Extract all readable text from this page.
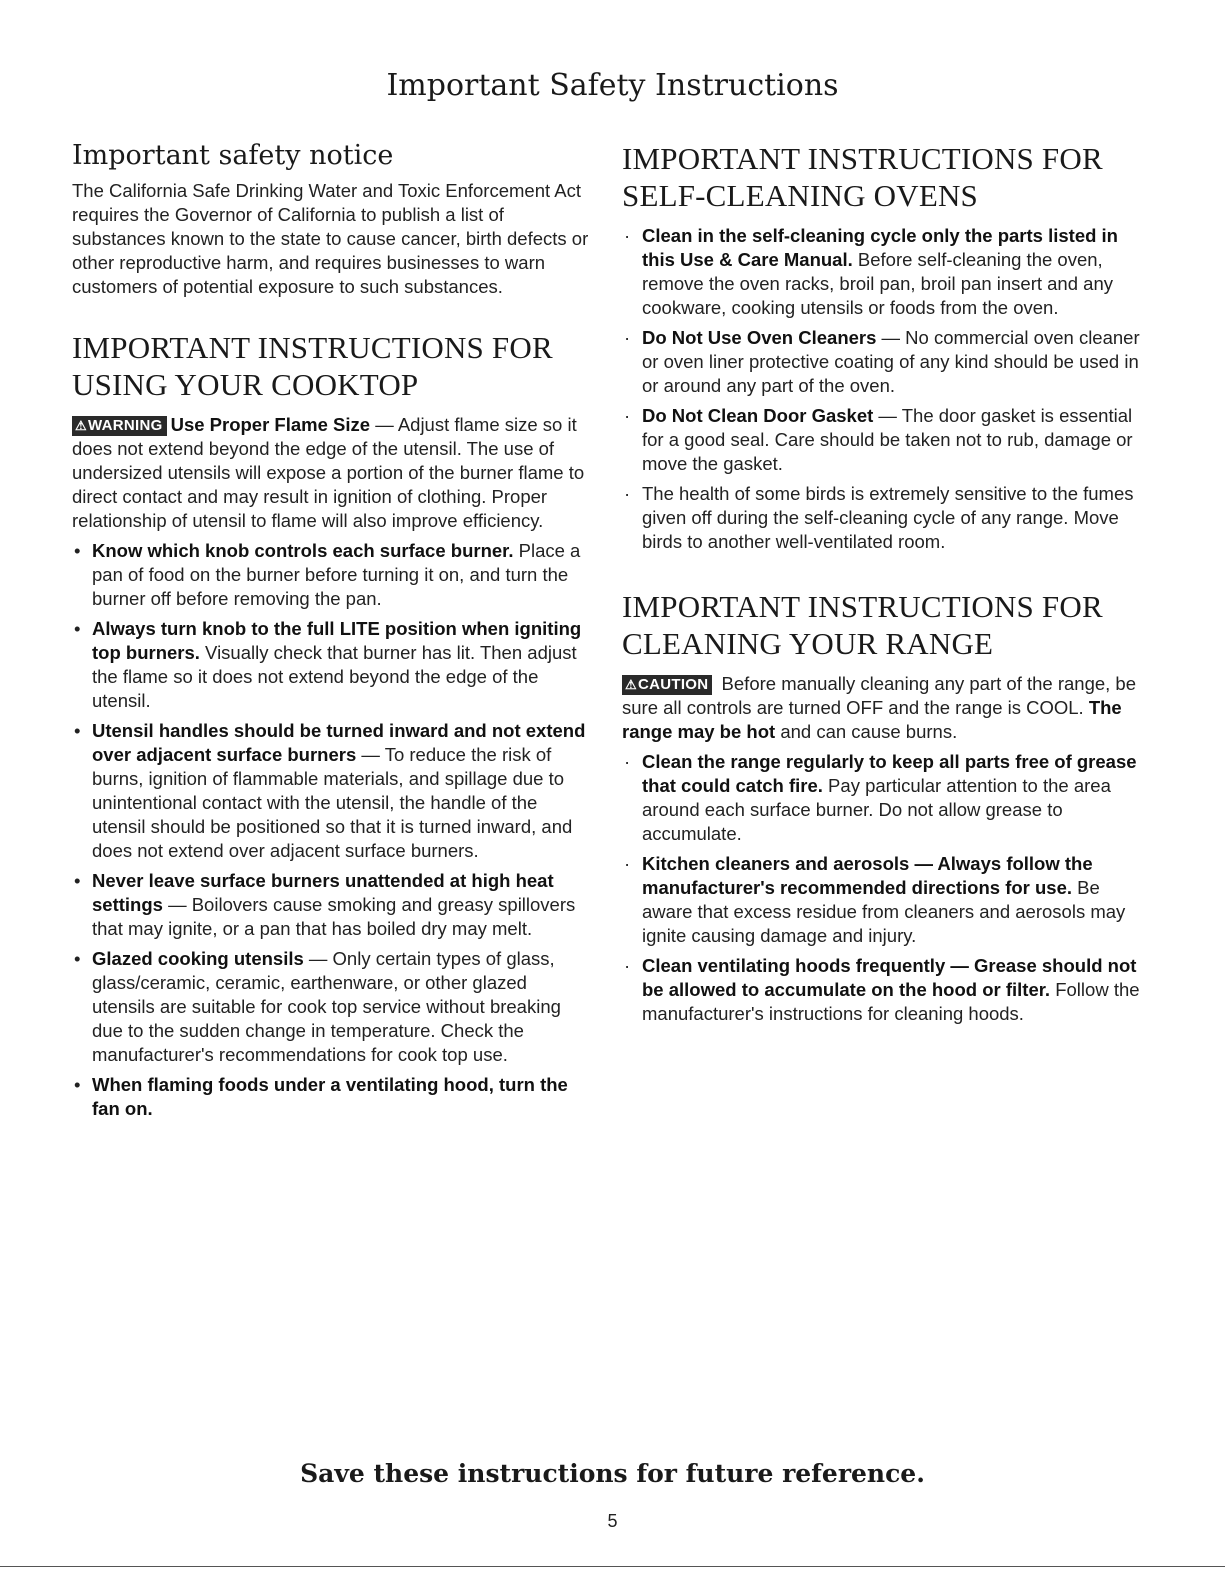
Important Safety Instructions
Important safety notice

The California Safe Drinking Water and Toxic Enforcement Act requires the Governor of California to publish a list of substances known to the state to cause cancer, birth defects or other reproductive harm, and requires businesses to warn customers of potential exposure to such substances.

IMPORTANT INSTRUCTIONS FOR
USING YOUR COOKTOP

⚠WARNING Use Proper Flame Size — Adjust flame size so it does not extend beyond the edge of the utensil. The use of undersized utensils will expose a portion of the burner flame to direct contact and may result in ignition of clothing. Proper relationship of utensil to flame will also improve efficiency.

• Know which knob controls each surface burner. Place a pan of food on the burner before turning it on, and turn the burner off before removing the pan.
• Always turn knob to the full LITE position when igniting top burners. Visually check that burner has lit. Then adjust the flame so it does not extend beyond the edge of the utensil.
• Utensil handles should be turned inward and not extend over adjacent surface burners — To reduce the risk of burns, ignition of flammable materials, and spillage due to unintentional contact with the utensil, the handle of the utensil should be positioned so that it is turned inward, and does not extend over adjacent surface burners.
• Never leave surface burners unattended at high heat settings — Boilovers cause smoking and greasy spillovers that may ignite, or a pan that has boiled dry may melt.
• Glazed cooking utensils — Only certain types of glass, glass/ceramic, ceramic, earthenware, or other glazed utensils are suitable for cook top service without breaking due to the sudden change in temperature. Check the manufacturer's recommendations for cook top use.
• When flaming foods under a ventilating hood, turn the fan on.
IMPORTANT INSTRUCTIONS FOR
SELF-CLEANING OVENS
· Clean in the self-cleaning cycle only the parts listed in this Use & Care Manual. Before self-cleaning the oven, remove the oven racks, broil pan, broil pan insert and any cookware, cooking utensils or foods from the oven.
· Do Not Use Oven Cleaners — No commercial oven cleaner or oven liner protective coating of any kind should be used in or around any part of the oven.
· Do Not Clean Door Gasket — The door gasket is essential for a good seal. Care should be taken not to rub, damage or move the gasket.
· The health of some birds is extremely sensitive to the fumes given off during the self-cleaning cycle of any range. Move birds to another well-ventilated room.
IMPORTANT INSTRUCTIONS FOR
CLEANING YOUR RANGE

⚠CAUTION Before manually cleaning any part of the range, be sure all controls are turned OFF and the range is COOL. The range may be hot and can cause burns.

· Clean the range regularly to keep all parts free of grease that could catch fire. Pay particular attention to the area around each surface burner. Do not allow grease to accumulate.
· Kitchen cleaners and aerosols — Always follow the manufacturer's recommended directions for use. Be aware that excess residue from cleaners and aerosols may ignite causing damage and injury.
· Clean ventilating hoods frequently — Grease should not be allowed to accumulate on the hood or filter. Follow the manufacturer's instructions for cleaning hoods.
Save these instructions for future reference.
5
